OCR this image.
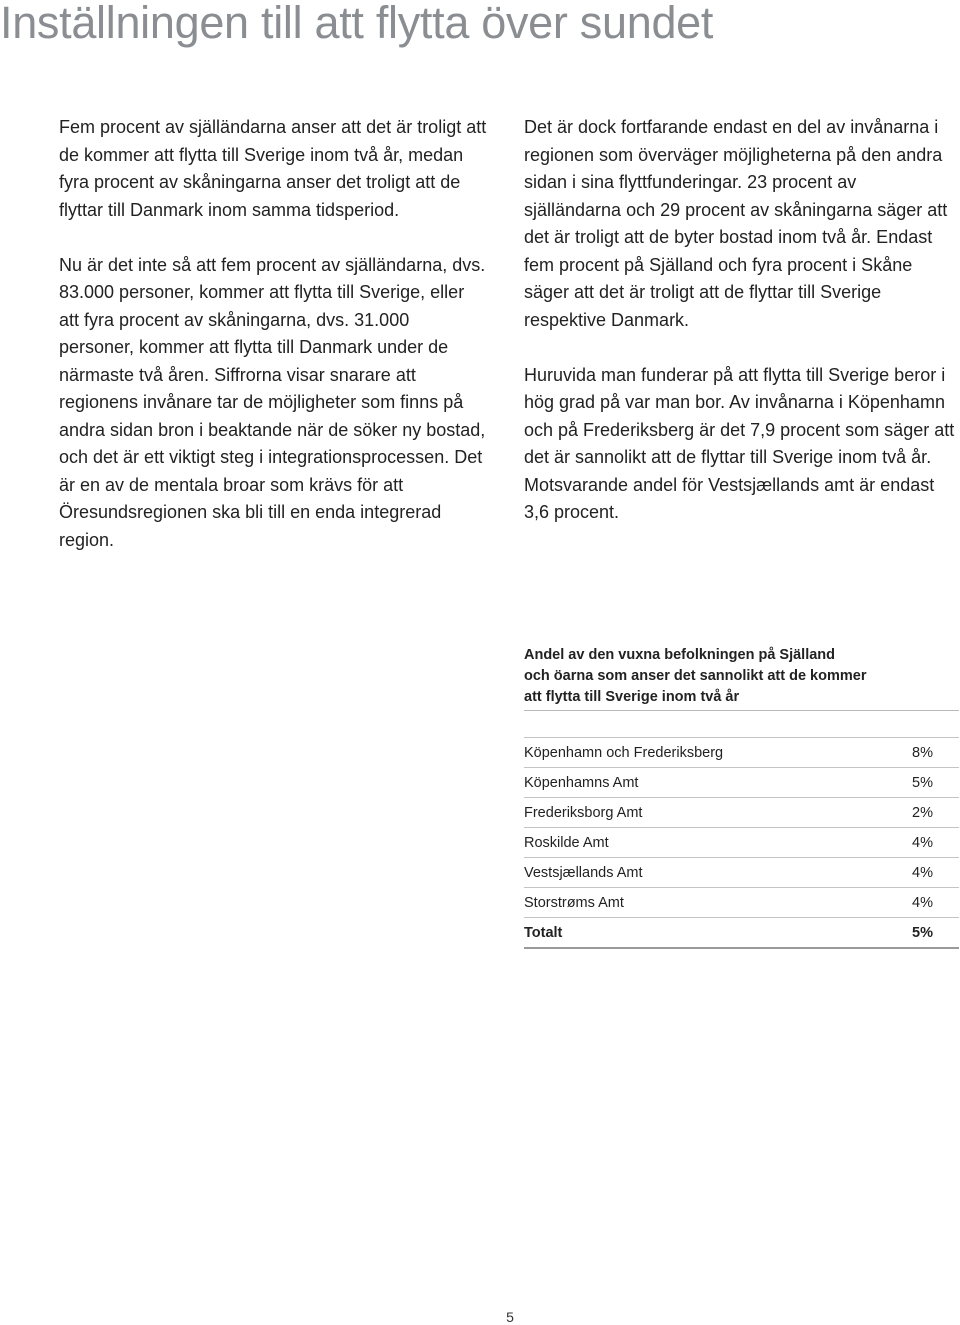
Inställningen till att flytta över sundet

Fem procent av själländarna anser att det är troligt att de kommer att flytta till Sverige inom två år, medan fyra procent av skåningarna anser det troligt att de flyttar till Danmark inom samma tidsperiod.

Nu är det inte så att fem procent av själländarna, dvs. 83.000 personer, kommer att flytta till Sverige, eller att fyra procent av skåningarna, dvs. 31.000 personer, kommer att flytta till Danmark under de närmaste två åren. Siffrorna visar snarare att regionens invånare tar de möjligheter som finns på andra sidan bron i beaktande när de söker ny bostad, och det är ett viktigt steg i integrationsprocessen. Det är en av de mentala broar som krävs för att Öresundsregionen ska bli till en enda integrerad region.

Det är dock fortfarande endast en del av invånarna i regionen som överväger möjligheterna på den andra sidan i sina flyttfunderingar. 23 procent av själländarna och 29 procent av skåningarna säger att det är troligt att de byter bostad inom två år. Endast fem procent på Själland och fyra procent i Skåne säger att det är troligt att de flyttar till Sverige respektive Danmark.

Huruvida man funderar på att flytta till Sverige beror i hög grad på var man bor. Av invånarna i Köpenhamn och på Frederiksberg är det 7,9 procent som säger att det är sannolikt att de flyttar till Sverige inom två år. Motsvarande andel för Vestsjællands amt är endast 3,6 procent.

Andel av den vuxna befolkningen på Själland
och öarna som anser det sannolikt att de kommer
att flytta till Sverige inom två år
Köpenhamn och Frederiksberg	8%
Köpenhamns Amt	5%
Frederiksborg Amt	2%
Roskilde Amt	4%
Vestsjællands Amt	4%
Storstrøms Amt	4%
Totalt	5%
5
